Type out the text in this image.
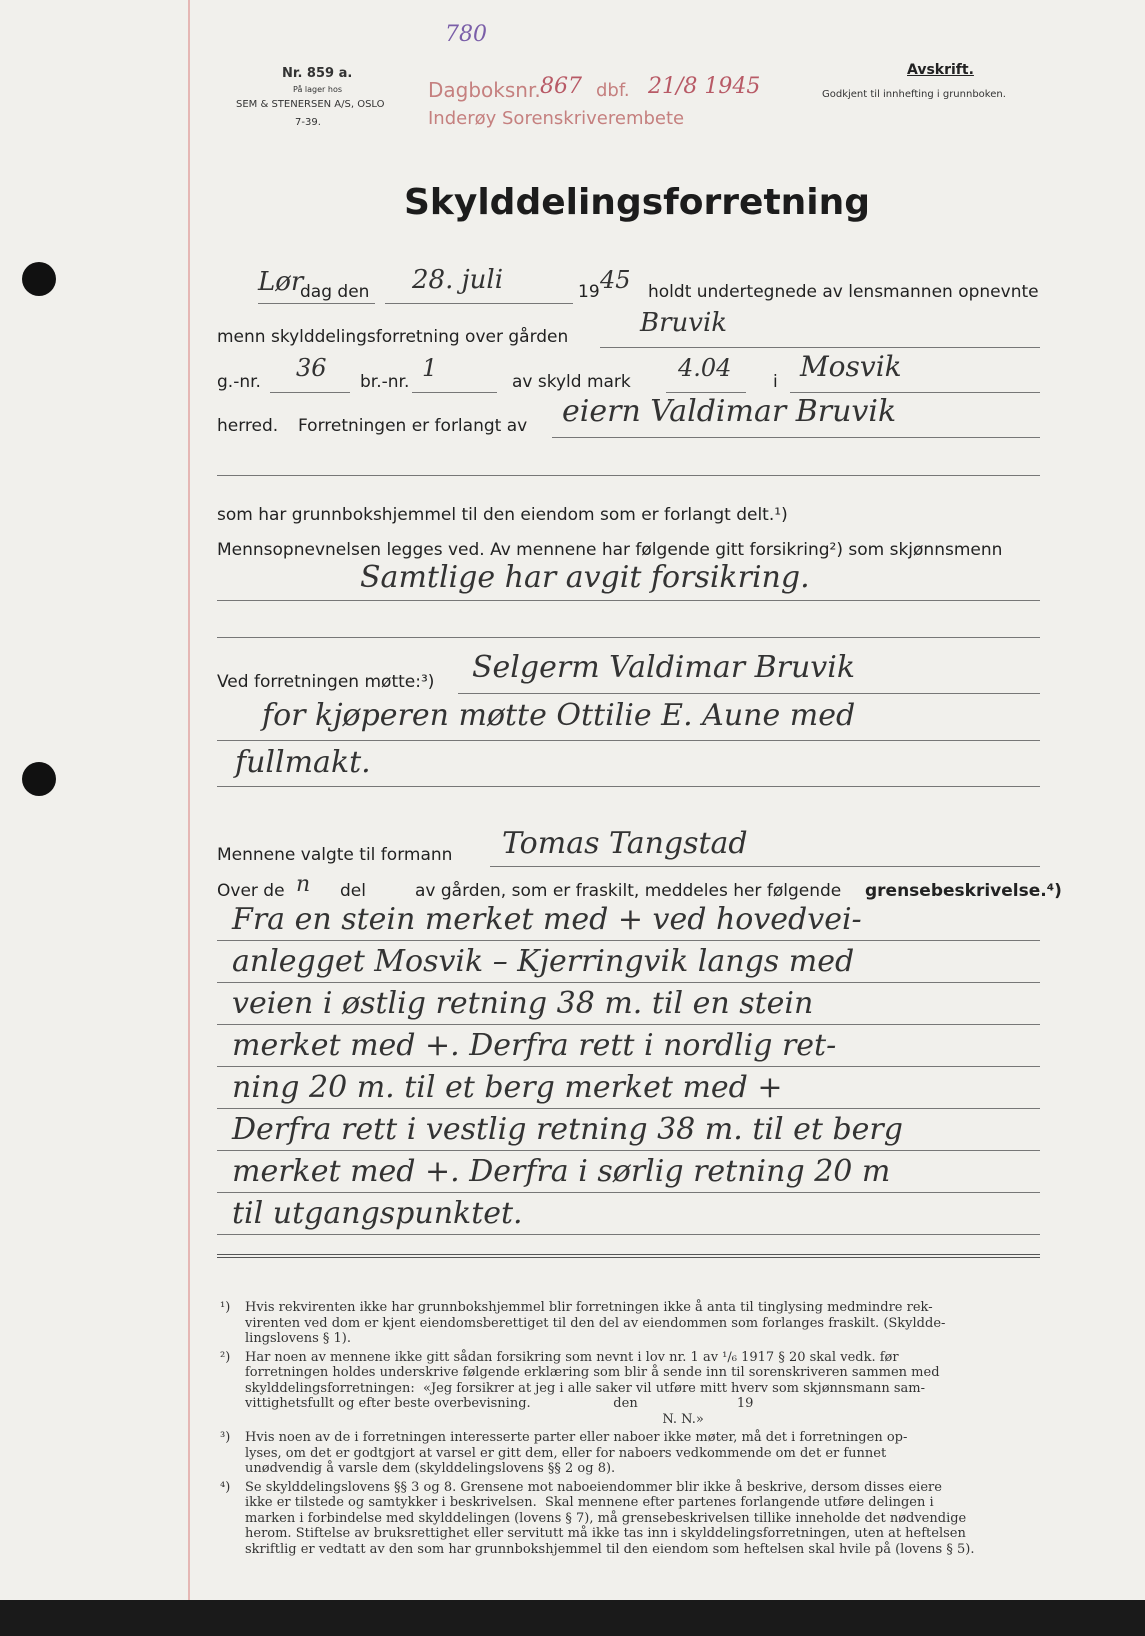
780
Nr. 859 a.
På lager hos
SEM & STENERSEN A/S, OSLO
7-39.
Dagboksnr. 867 dbf. 21/8 1945
Inderøy Sorenskriverembete
Avskrift.
Godkjent til innhefting i grunnboken.
Skylddelingsforretning
Lør
dag den 28. juli	19 45 holdt undertegnede av lensmannen opnevnte
menn skylddelingsforretning over gården	Bruvik
g.-nr. 36 br.-nr. 1	av skyld mark 4.04 i Mosvik
herred. Forretningen er forlangt av eiern Valdimar Bruvik
som har grunnbokshjemmel til den eiendom som er forlangt delt.¹)
Mennsopnevnelsen legges ved. Av mennene har følgende gitt forsikring²) som skjønnsmenn
Samtlige har avgit forsikring.
Ved forretningen møtte:³) Selgerm Valdimar Bruvik
for kjøperen møtte Ottilie E. Aune med
fullmakt.
Mennene valgte til formann Tomas Tangstad
Over de n del	av gården, som er fraskilt, meddeles her følgende grensebeskrivelse.⁴)
Fra en stein merket med + ved hovedvei-
anlegget Mosvik – Kjerringvik langs med
veien i østlig retning 38 m. til en stein
merket med +. Derfra rett i nordlig ret-
ning 20 m. til et berg merket med +
Derfra rett i vestlig retning 38 m. til et berg
merket med +. Derfra i sørlig retning 20 m
til utgangspunktet.
¹) Hvis rekvirenten ikke har grunnbokshjemmel blir forretningen ikke å anta til tinglysing medmindre rek-
virenten ved dom er kjent eiendomsberettiget til den del av eiendommen som forlanges fraskilt. (Skyldde-
lingslovens § 1).
²) Har noen av mennene ikke gitt sådan forsikring som nevnt i lov nr. 1 av ¹/₆ 1917 § 20 skal vedk. før
forretningen holdes underskrive følgende erklæring som blir å sende inn til sorenskriveren sammen med
skylddelingsforretningen:  «Jeg forsikrer at jeg i alle saker vil utføre mitt hverv som skjønnsmann sam-
vittighetsfullt og efter beste overbevisning.                    den                        19
N. N.»
³) Hvis noen av de i forretningen interesserte parter eller naboer ikke møter, må det i forretningen op-
lyses, om det er godtgjort at varsel er gitt dem, eller for naboers vedkommende om det er funnet
unødvendig å varsle dem (skylddelingslovens §§ 2 og 8).
⁴) Se skylddelingslovens §§ 3 og 8. Grensene mot naboeiendommer blir ikke å beskrive, dersom disses eiere
ikke er tilstede og samtykker i beskrivelsen.  Skal mennene efter partenes forlangende utføre delingen i
marken i forbindelse med skylddelingen (lovens § 7), må grensebeskrivelsen tillike inneholde det nødvendige
herom. Stiftelse av bruksrettighet eller servitutt må ikke tas inn i skylddelingsforretningen, uten at heftelsen
skriftlig er vedtatt av den som har grunnbokshjemmel til den eiendom som heftelsen skal hvile på (lovens § 5).
